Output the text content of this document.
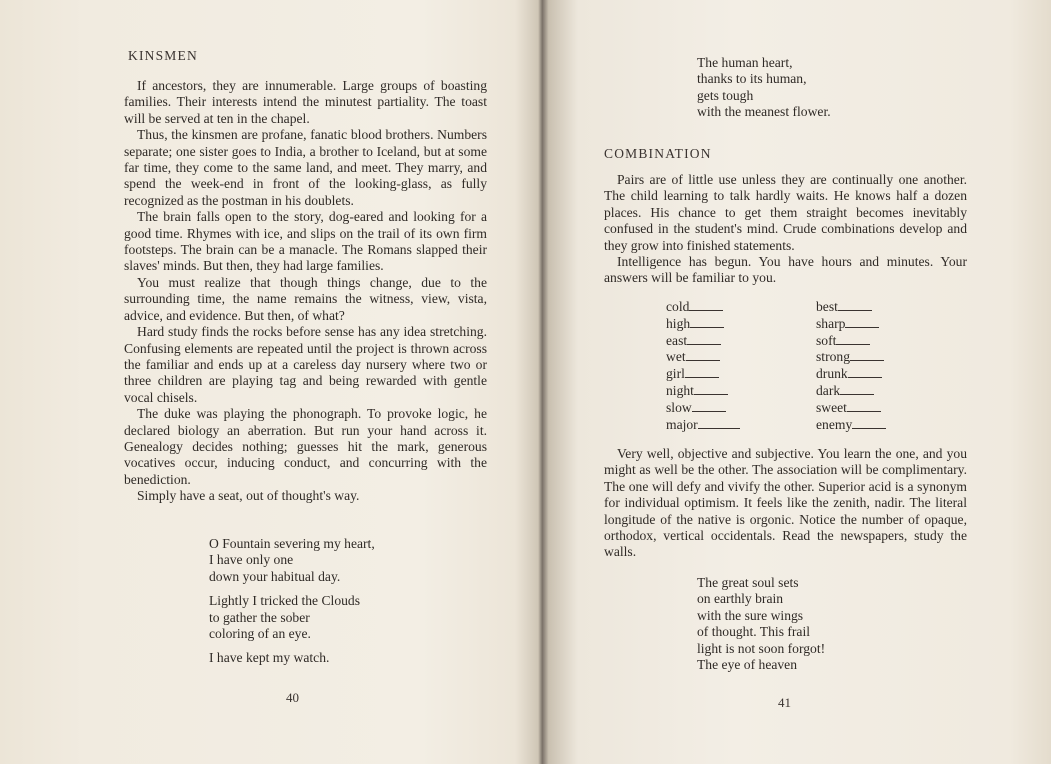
KINSMEN

If ancestors, they are innumerable. Large groups of boasting families. Their interests intend the minutest partiality. The toast will be served at ten in the chapel.

Thus, the kinsmen are profane, fanatic blood brothers. Numbers separate; one sister goes to India, a brother to Iceland, but at some far time, they come to the same land, and meet. They marry, and spend the week-end in front of the looking-glass, as fully recognized as the postman in his doublets.

The brain falls open to the story, dog-eared and looking for a good time. Rhymes with ice, and slips on the trail of its own firm footsteps. The brain can be a manacle. The Romans slapped their slaves' minds. But then, they had large families.

You must realize that though things change, due to the surrounding time, the name remains the witness, view, vista, advice, and evidence. But then, of what?

Hard study finds the rocks before sense has any idea stretching. Confusing elements are repeated until the project is thrown across the familiar and ends up at a careless day nursery where two or three children are playing tag and being rewarded with gentle vocal chisels.

The duke was playing the phonograph. To provoke logic, he declared biology an aberration. But run your hand across it. Genealogy decides nothing; guesses hit the mark, generous vocatives occur, inducing conduct, and concurring with the benediction.

Simply have a seat, out of thought's way.

O Fountain severing my heart,
I have only one
down your habitual day.
Lightly I tricked the Clouds
to gather the sober
coloring of an eye.
I have kept my watch.
40
The human heart,
thanks to its human,
gets tough
with the meanest flower.
COMBINATION

Pairs are of little use unless they are continually one another. The child learning to talk hardly waits. He knows half a dozen places. His chance to get them straight becomes inevitably confused in the student's mind. Crude combinations develop and they grow into finished statements.

Intelligence has begun. You have hours and minutes. Your answers will be familiar to you.

cold
high
east
wet
girl
night
slow
major
best
sharp
soft
strong
drunk
dark
sweet
enemy

Very well, objective and subjective. You learn the one, and you might as well be the other. The association will be complimentary. The one will defy and vivify the other. Superior acid is a synonym for individual optimism. It feels like the zenith, nadir. The literal longitude of the native is orgonic. Notice the number of opaque, orthodox, vertical occidentals. Read the newspapers, study the walls.

The great soul sets
on earthly brain
with the sure wings
of thought. This frail
light is not soon forgot!
The eye of heaven
41
